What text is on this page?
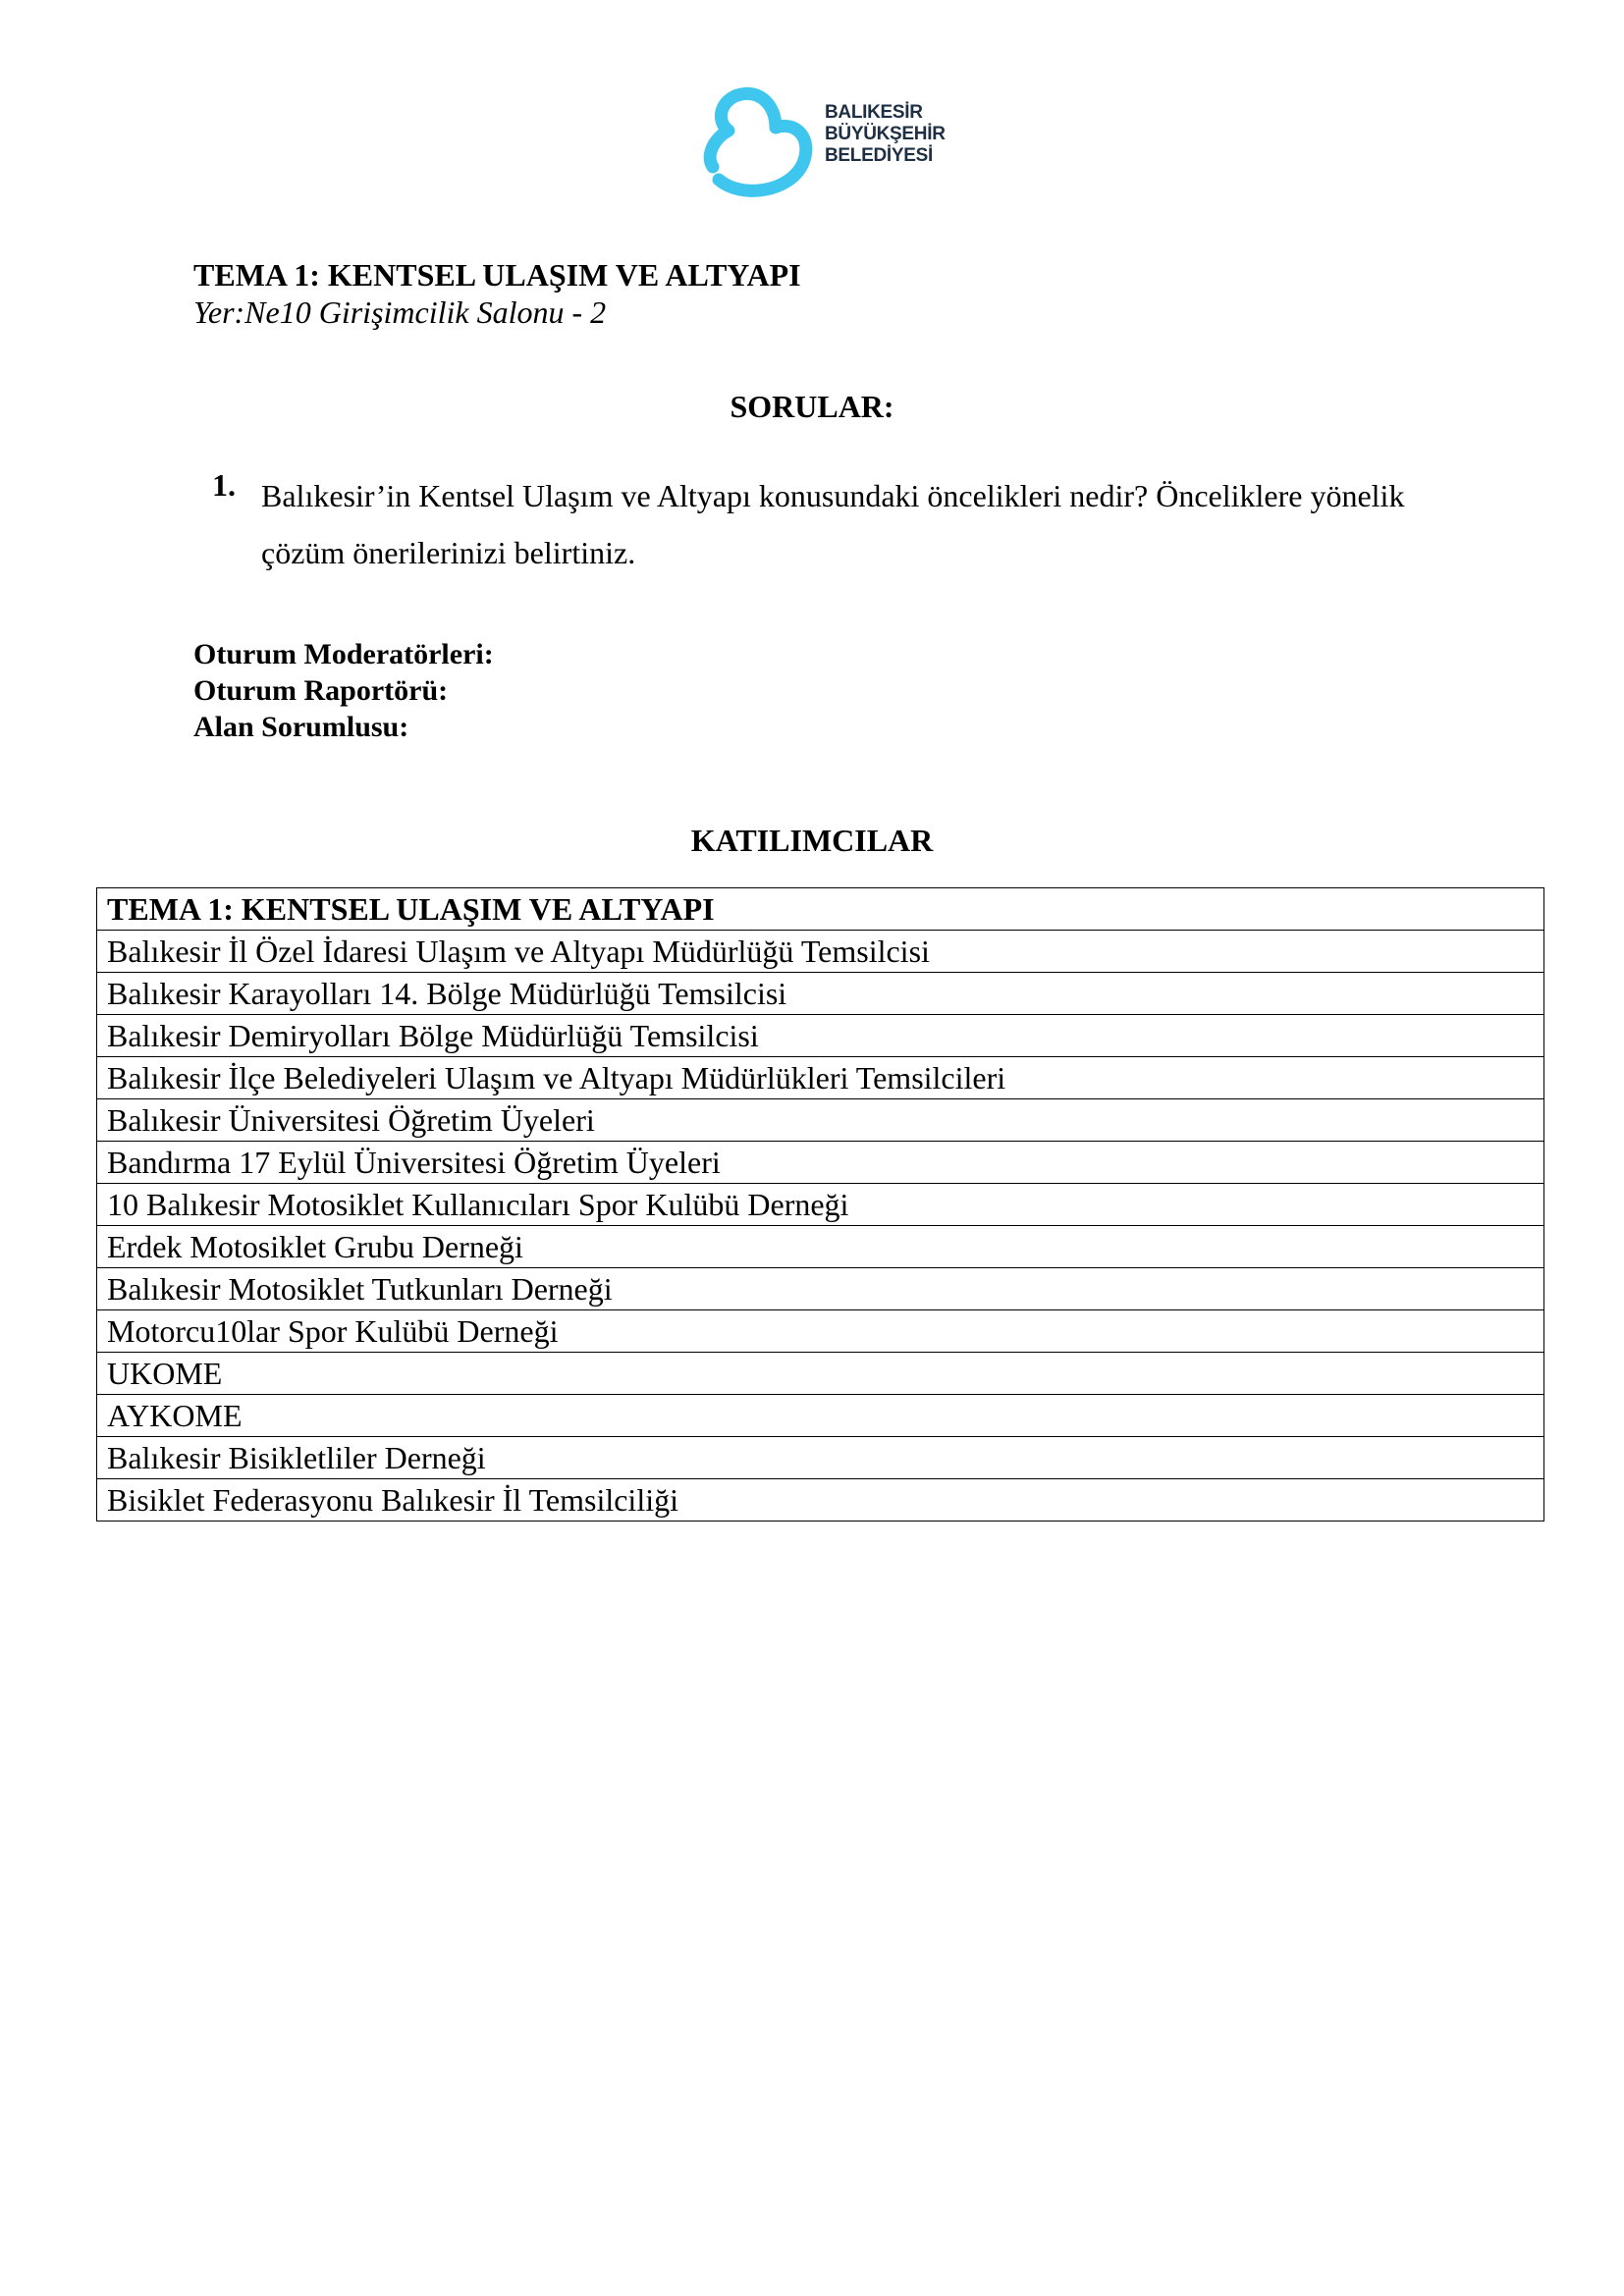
BALIKESİR
BÜYÜKŞEHİR
BELEDİYESİ
TEMA 1: KENTSEL ULAŞIM VE ALTYAPI
Yer:Ne10 Girişimcilik Salonu - 2
SORULAR:
1. Balıkesir’in Kentsel Ulaşım ve Altyapı konusundaki öncelikleri nedir? Önceliklere yönelik çözüm önerilerinizi belirtiniz.
Oturum Moderatörleri:
Oturum Raportörü:
Alan Sorumlusu:
KATILIMCILAR
TEMA 1: KENTSEL ULAŞIM VE ALTYAPI
Balıkesir İl Özel İdaresi Ulaşım ve Altyapı Müdürlüğü Temsilcisi
Balıkesir Karayolları 14. Bölge Müdürlüğü Temsilcisi
Balıkesir Demiryolları Bölge Müdürlüğü Temsilcisi
Balıkesir İlçe Belediyeleri Ulaşım ve Altyapı Müdürlükleri Temsilcileri
Balıkesir Üniversitesi Öğretim Üyeleri
Bandırma 17 Eylül Üniversitesi Öğretim Üyeleri
10 Balıkesir Motosiklet Kullanıcıları Spor Kulübü Derneği
Erdek Motosiklet Grubu Derneği
Balıkesir Motosiklet Tutkunları Derneği
Motorcu10lar Spor Kulübü Derneği
UKOME
AYKOME
Balıkesir Bisikletliler Derneği
Bisiklet Federasyonu Balıkesir İl Temsilciliği
